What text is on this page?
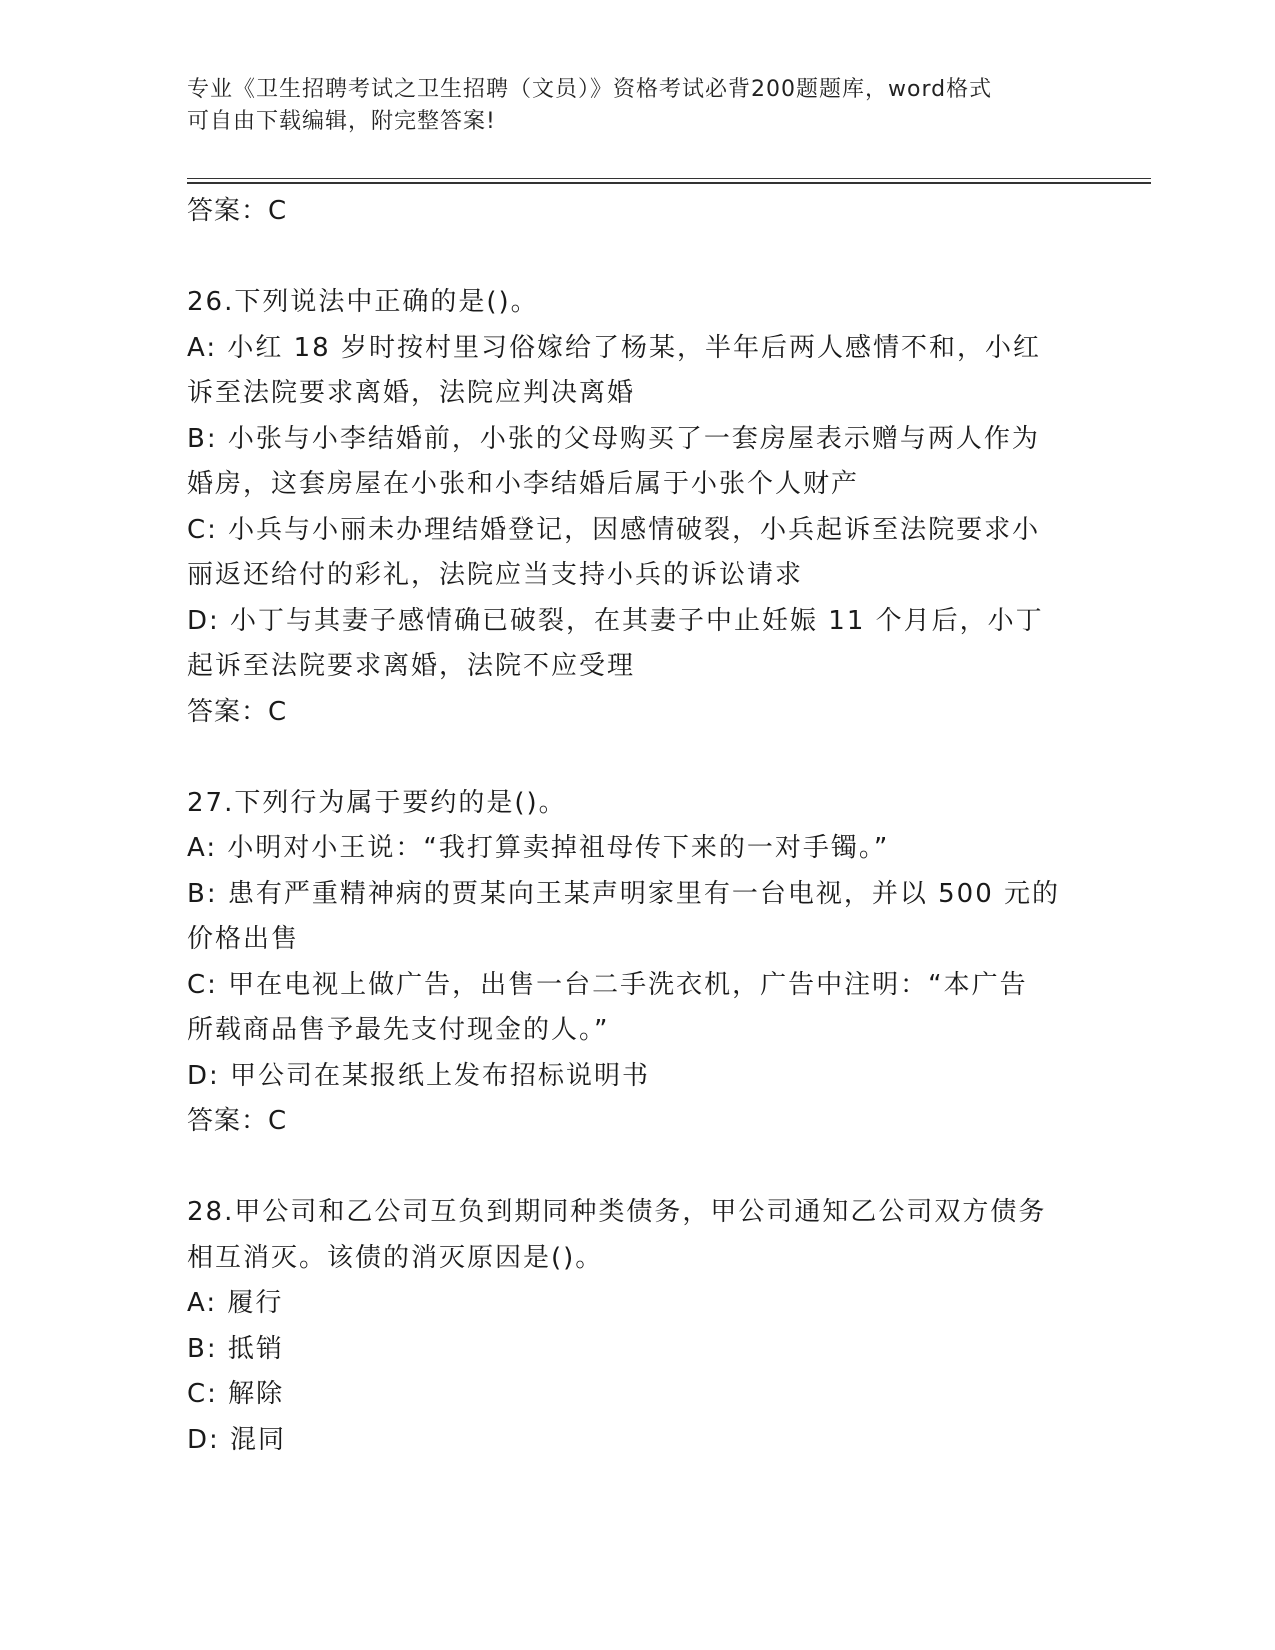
专业《卫生招聘考试之卫生招聘（文员）》资格考试必背200题题库，word格式
可自由下载编辑，附完整答案!
答案：C
26.下列说法中正确的是()。
A: 小红 18 岁时按村里习俗嫁给了杨某，半年后两人感情不和，小红
诉至法院要求离婚，法院应判决离婚
B: 小张与小李结婚前，小张的父母购买了一套房屋表示赠与两人作为
婚房，这套房屋在小张和小李结婚后属于小张个人财产
C: 小兵与小丽未办理结婚登记，因感情破裂，小兵起诉至法院要求小
丽返还给付的彩礼，法院应当支持小兵的诉讼请求
D: 小丁与其妻子感情确已破裂，在其妻子中止妊娠 11 个月后，小丁
起诉至法院要求离婚，法院不应受理
答案：C
27.下列行为属于要约的是()。
A: 小明对小王说：“我打算卖掉祖母传下来的一对手镯。”
B: 患有严重精神病的贾某向王某声明家里有一台电视，并以 500 元的
价格出售
C: 甲在电视上做广告，出售一台二手洗衣机，广告中注明：“本广告
所载商品售予最先支付现金的人。”
D: 甲公司在某报纸上发布招标说明书
答案：C
28.甲公司和乙公司互负到期同种类债务，甲公司通知乙公司双方债务
相互消灭。该债的消灭原因是()。
A: 履行
B: 抵销
C: 解除
D: 混同
